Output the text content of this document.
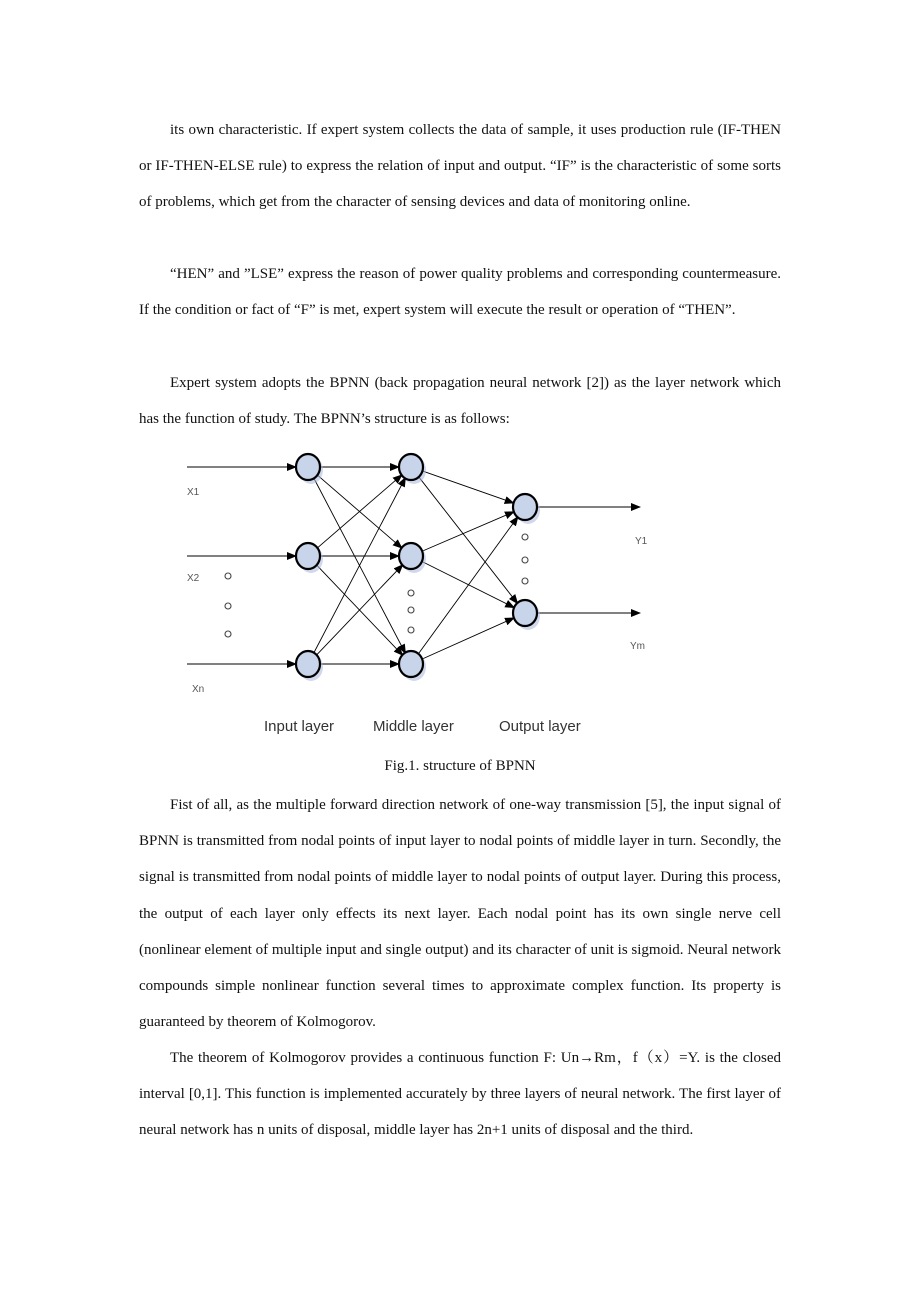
its own characteristic. If expert system collects the data of sample, it uses production rule (IF-THEN or IF-THEN-ELSE rule) to express the relation of input and output. “IF” is the characteristic of some sorts of problems, which get from the character of sensing devices and data of monitoring online.

“HEN” and ”LSE” express the reason of power quality problems and corresponding countermeasure. If the condition or fact of “F” is met, expert system will execute the result or operation of “THEN”.

Expert system adopts the BPNN (back propagation neural network [2]) as the layer network which has the function of study. The BPNN’s structure is as follows:

X1
X2
Xn
Y1
Ym
Input layer	Middle layer	Output layer

Fig.1. structure of BPNN

Fist of all, as the multiple forward direction network of one-way transmission [5], the input signal of BPNN is transmitted from nodal points of input layer to nodal points of middle layer in turn. Secondly, the signal is transmitted from nodal points of middle layer to nodal points of output layer. During this process, the output of each layer only effects its next layer. Each nodal point has its own single nerve cell (nonlinear element of multiple input and single output) and its character of unit is sigmoid. Neural network compounds simple nonlinear function several times to approximate complex function. Its property is guaranteed by theorem of Kolmogorov.

The theorem of Kolmogorov provides a continuous function F: Un→Rm，f（x）=Y. is the closed interval [0,1]. This function is implemented accurately by three layers of neural network. The first layer of neural network has n units of disposal, middle layer has 2n+1 units of disposal and the third.
